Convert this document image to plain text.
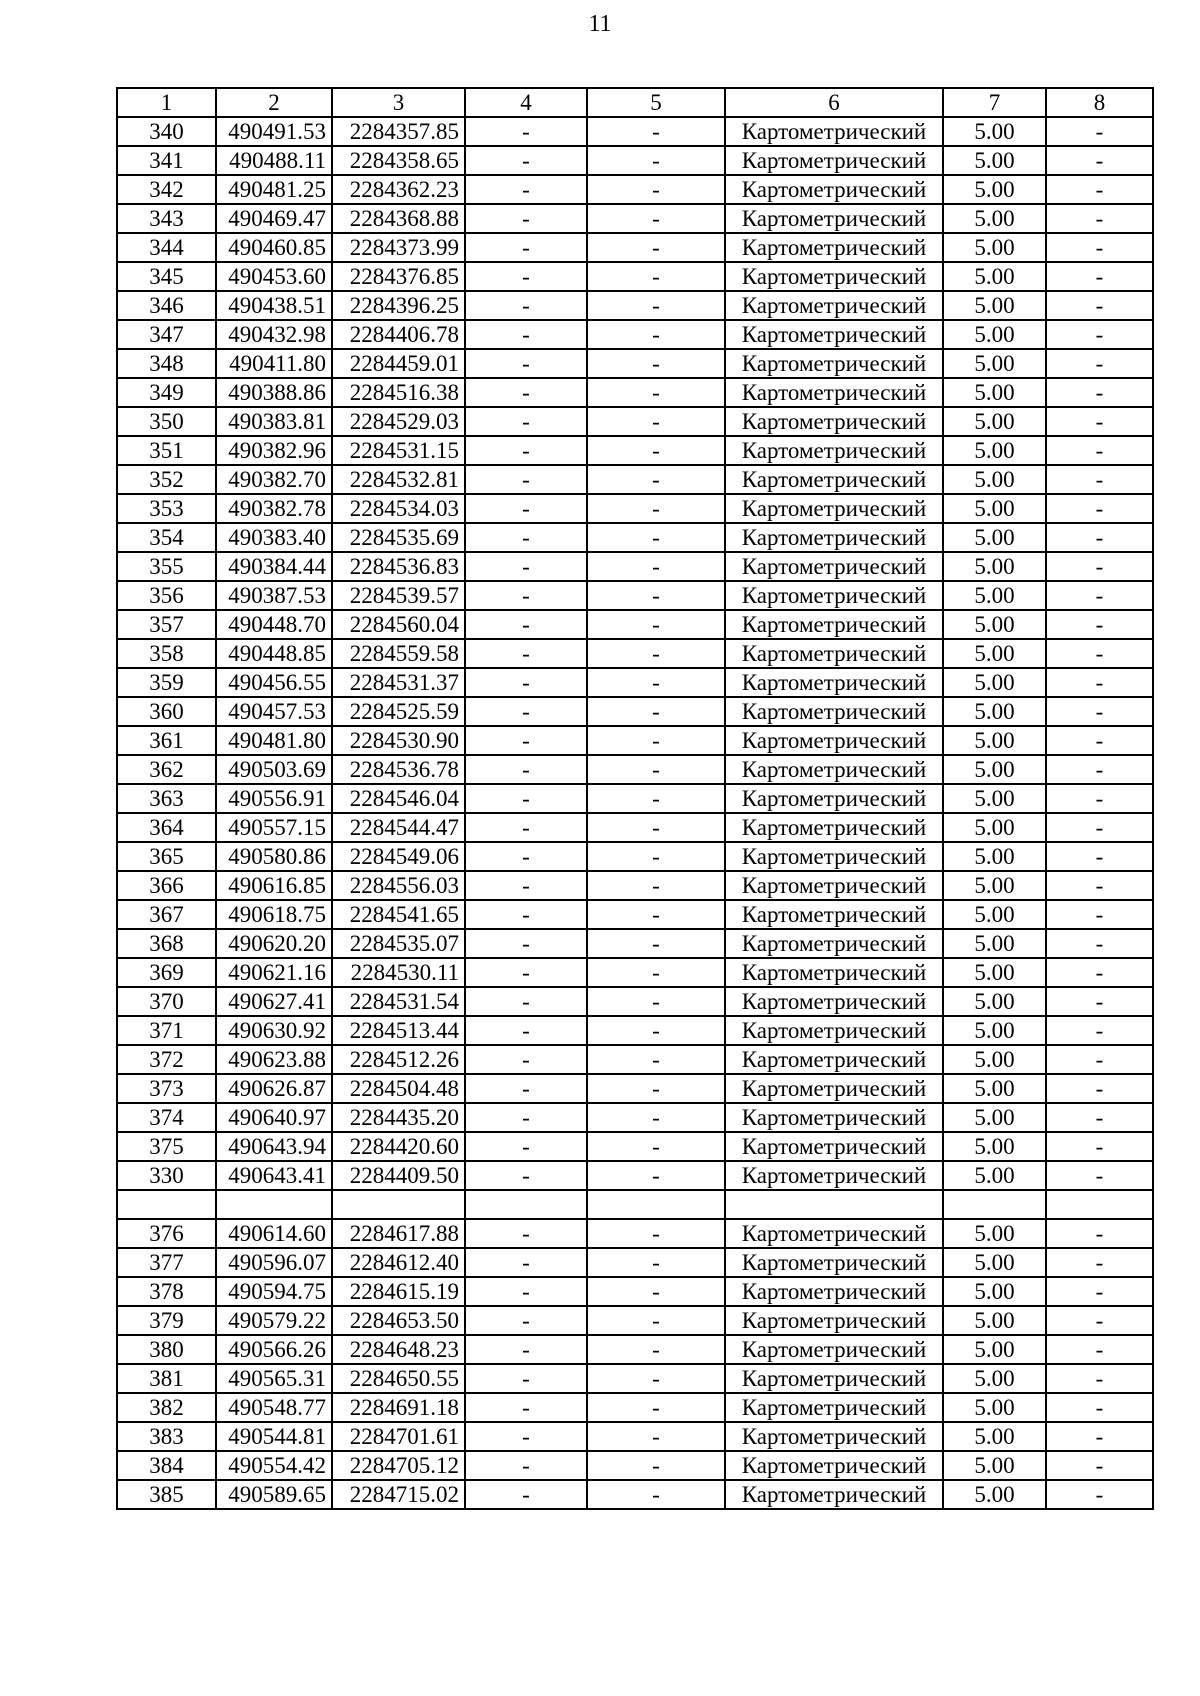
11
1	2	3	4	5	6	7	8
340	490491.53	2284357.85	-	-	Картометрический	5.00	-
341	490488.11	2284358.65	-	-	Картометрический	5.00	-
342	490481.25	2284362.23	-	-	Картометрический	5.00	-
343	490469.47	2284368.88	-	-	Картометрический	5.00	-
344	490460.85	2284373.99	-	-	Картометрический	5.00	-
345	490453.60	2284376.85	-	-	Картометрический	5.00	-
346	490438.51	2284396.25	-	-	Картометрический	5.00	-
347	490432.98	2284406.78	-	-	Картометрический	5.00	-
348	490411.80	2284459.01	-	-	Картометрический	5.00	-
349	490388.86	2284516.38	-	-	Картометрический	5.00	-
350	490383.81	2284529.03	-	-	Картометрический	5.00	-
351	490382.96	2284531.15	-	-	Картометрический	5.00	-
352	490382.70	2284532.81	-	-	Картометрический	5.00	-
353	490382.78	2284534.03	-	-	Картометрический	5.00	-
354	490383.40	2284535.69	-	-	Картометрический	5.00	-
355	490384.44	2284536.83	-	-	Картометрический	5.00	-
356	490387.53	2284539.57	-	-	Картометрический	5.00	-
357	490448.70	2284560.04	-	-	Картометрический	5.00	-
358	490448.85	2284559.58	-	-	Картометрический	5.00	-
359	490456.55	2284531.37	-	-	Картометрический	5.00	-
360	490457.53	2284525.59	-	-	Картометрический	5.00	-
361	490481.80	2284530.90	-	-	Картометрический	5.00	-
362	490503.69	2284536.78	-	-	Картометрический	5.00	-
363	490556.91	2284546.04	-	-	Картометрический	5.00	-
364	490557.15	2284544.47	-	-	Картометрический	5.00	-
365	490580.86	2284549.06	-	-	Картометрический	5.00	-
366	490616.85	2284556.03	-	-	Картометрический	5.00	-
367	490618.75	2284541.65	-	-	Картометрический	5.00	-
368	490620.20	2284535.07	-	-	Картометрический	5.00	-
369	490621.16	2284530.11	-	-	Картометрический	5.00	-
370	490627.41	2284531.54	-	-	Картометрический	5.00	-
371	490630.92	2284513.44	-	-	Картометрический	5.00	-
372	490623.88	2284512.26	-	-	Картометрический	5.00	-
373	490626.87	2284504.48	-	-	Картометрический	5.00	-
374	490640.97	2284435.20	-	-	Картометрический	5.00	-
375	490643.94	2284420.60	-	-	Картометрический	5.00	-
330	490643.41	2284409.50	-	-	Картометрический	5.00	-

376	490614.60	2284617.88	-	-	Картометрический	5.00	-
377	490596.07	2284612.40	-	-	Картометрический	5.00	-
378	490594.75	2284615.19	-	-	Картометрический	5.00	-
379	490579.22	2284653.50	-	-	Картометрический	5.00	-
380	490566.26	2284648.23	-	-	Картометрический	5.00	-
381	490565.31	2284650.55	-	-	Картометрический	5.00	-
382	490548.77	2284691.18	-	-	Картометрический	5.00	-
383	490544.81	2284701.61	-	-	Картометрический	5.00	-
384	490554.42	2284705.12	-	-	Картометрический	5.00	-
385	490589.65	2284715.02	-	-	Картометрический	5.00	-
